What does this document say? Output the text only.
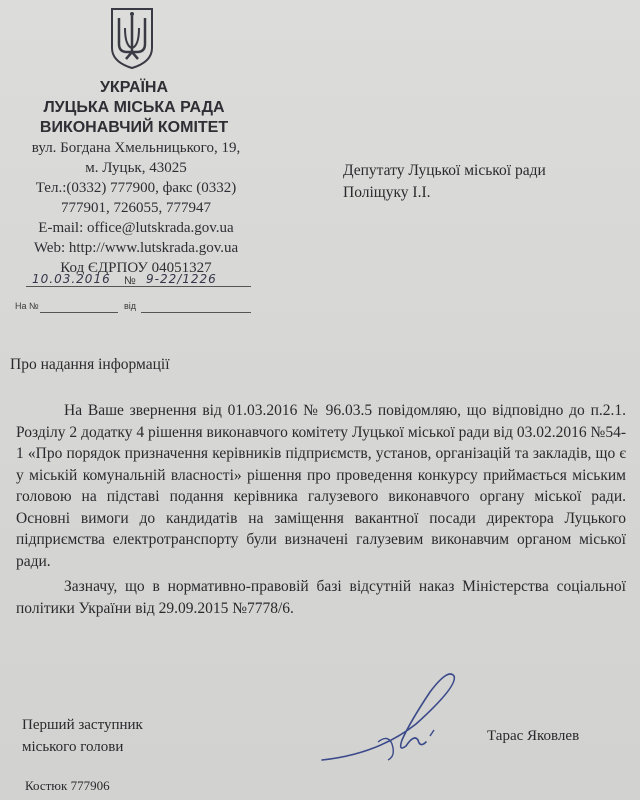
УКРАЇНА
ЛУЦЬКА МІСЬКА РАДА
ВИКОНАВЧИЙ КОМІТЕТ
вул. Богдана Хмельницького, 19,
м. Луцьк, 43025
Тел.:(0332) 777900, факс (0332)
777901, 726055, 777947
E-mail: office@lutskrada.gov.ua
Web: http://www.lutskrada.gov.ua
Код ЄДРПОУ 04051327
10.03.2016 № 9-22/1226
На №	від
Депутату Луцької міської ради
Поліщуку І.І.
Про надання інформації

На Ваше звернення від 01.03.2016 № 96.03.5 повідомляю, що відповідно до п.2.1. Розділу 2 додатку 4 рішення виконавчого комітету Луцької міської ради від 03.02.2016 №54-1 «Про порядок призначення керівників підприємств, установ, організацій та закладів, що є у міській комунальній власності» рішення про проведення конкурсу приймається міським головою на підставі подання керівника галузевого виконавчого органу міської ради. Основні вимоги до кандидатів на заміщення вакантної посади директора Луцького підприємства електротранспорту були визначені галузевим виконавчим органом міської ради.

Зазначу, що в нормативно-правовій базі відсутній наказ Міністерства соціальної політики України від 29.09.2015 №7778/6.

Перший заступник
міського голови
Тарас Яковлев
Костюк 777906
